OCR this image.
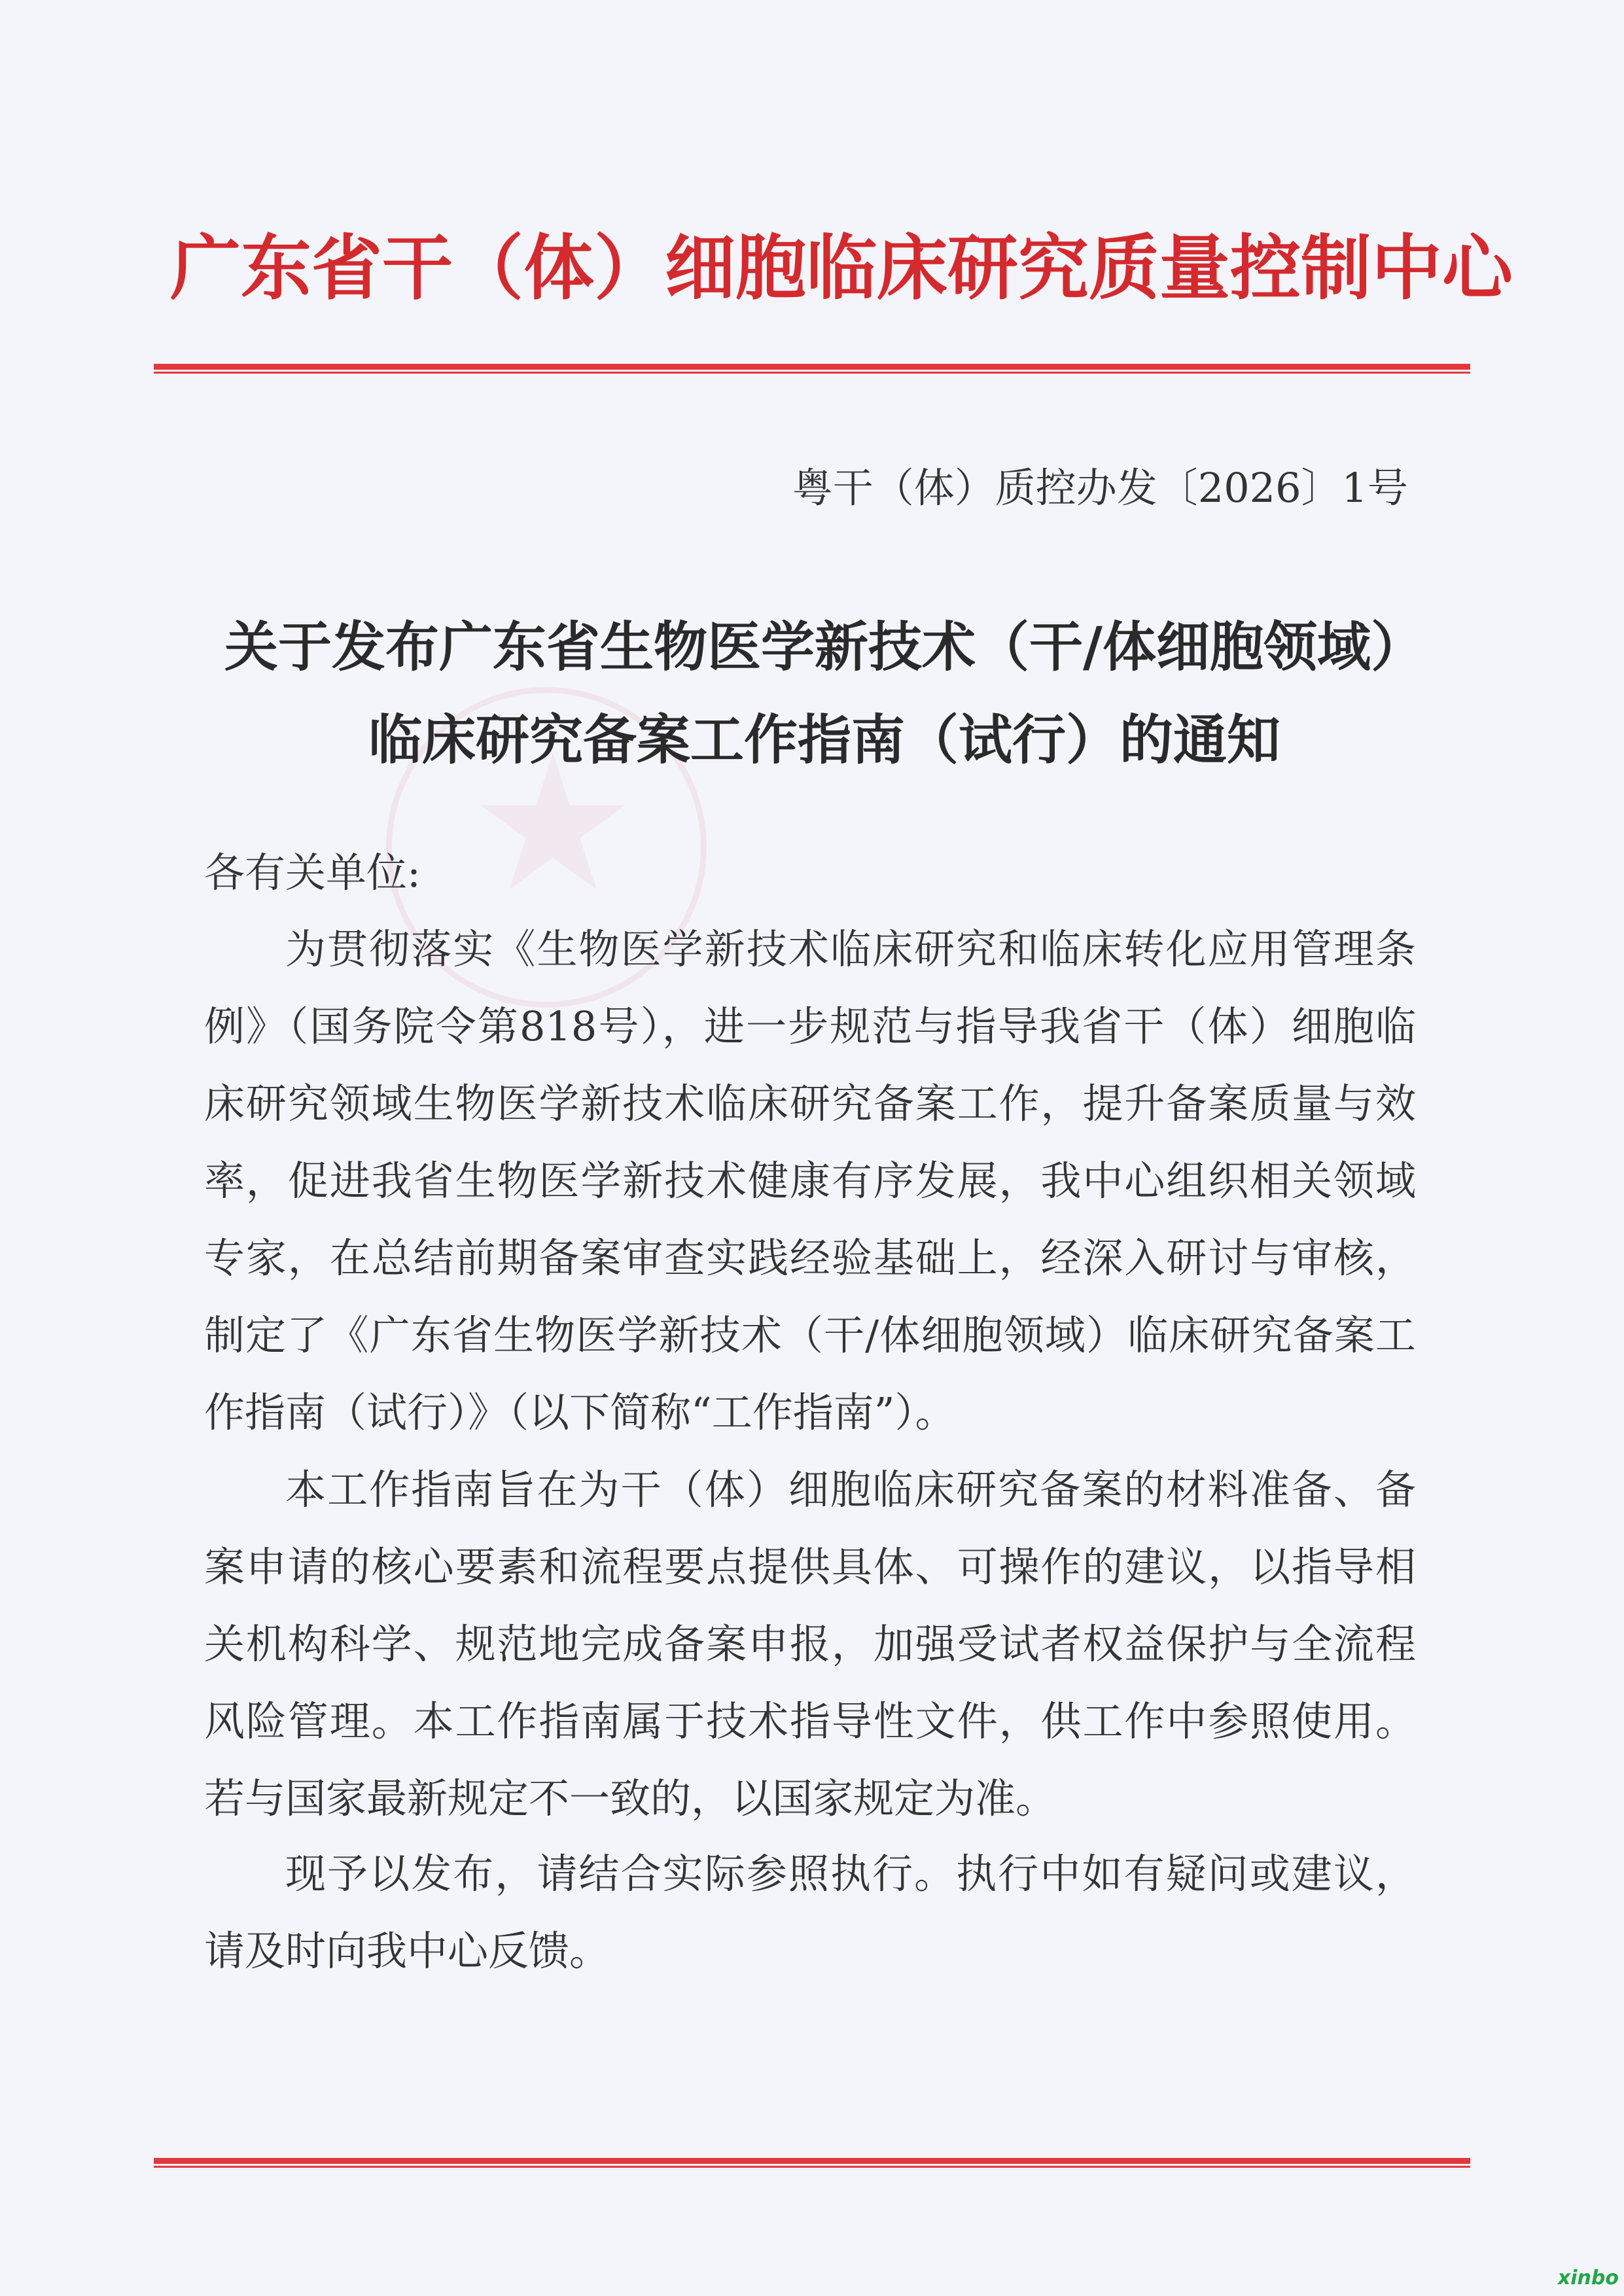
广东省干（体）细胞临床研究质量控制中心
粤干（体）质控办发〔2026〕1号
关于发布广东省生物医学新技术（干/体细胞领域）
临床研究备案工作指南（试行）的通知
各有关单位:

为贯彻落实《生物医学新技术临床研究和临床转化应用管理条例》（国务院令第818号），进一步规范与指导我省干（体）细胞临床研究领域生物医学新技术临床研究备案工作，提升备案质量与效率，促进我省生物医学新技术健康有序发展，我中心组织相关领域专家，在总结前期备案审查实践经验基础上，经深入研讨与审核，制定了《广东省生物医学新技术（干/体细胞领域）临床研究备案工作指南（试行）》（以下简称“工作指南”）。

本工作指南旨在为干（体）细胞临床研究备案的材料准备、备案申请的核心要素和流程要点提供具体、可操作的建议，以指导相关机构科学、规范地完成备案申报，加强受试者权益保护与全流程风险管理。本工作指南属于技术指导性文件，供工作中参照使用。若与国家最新规定不一致的，以国家规定为准。

现予以发布，请结合实际参照执行。执行中如有疑问或建议，请及时向我中心反馈。

xinbo
